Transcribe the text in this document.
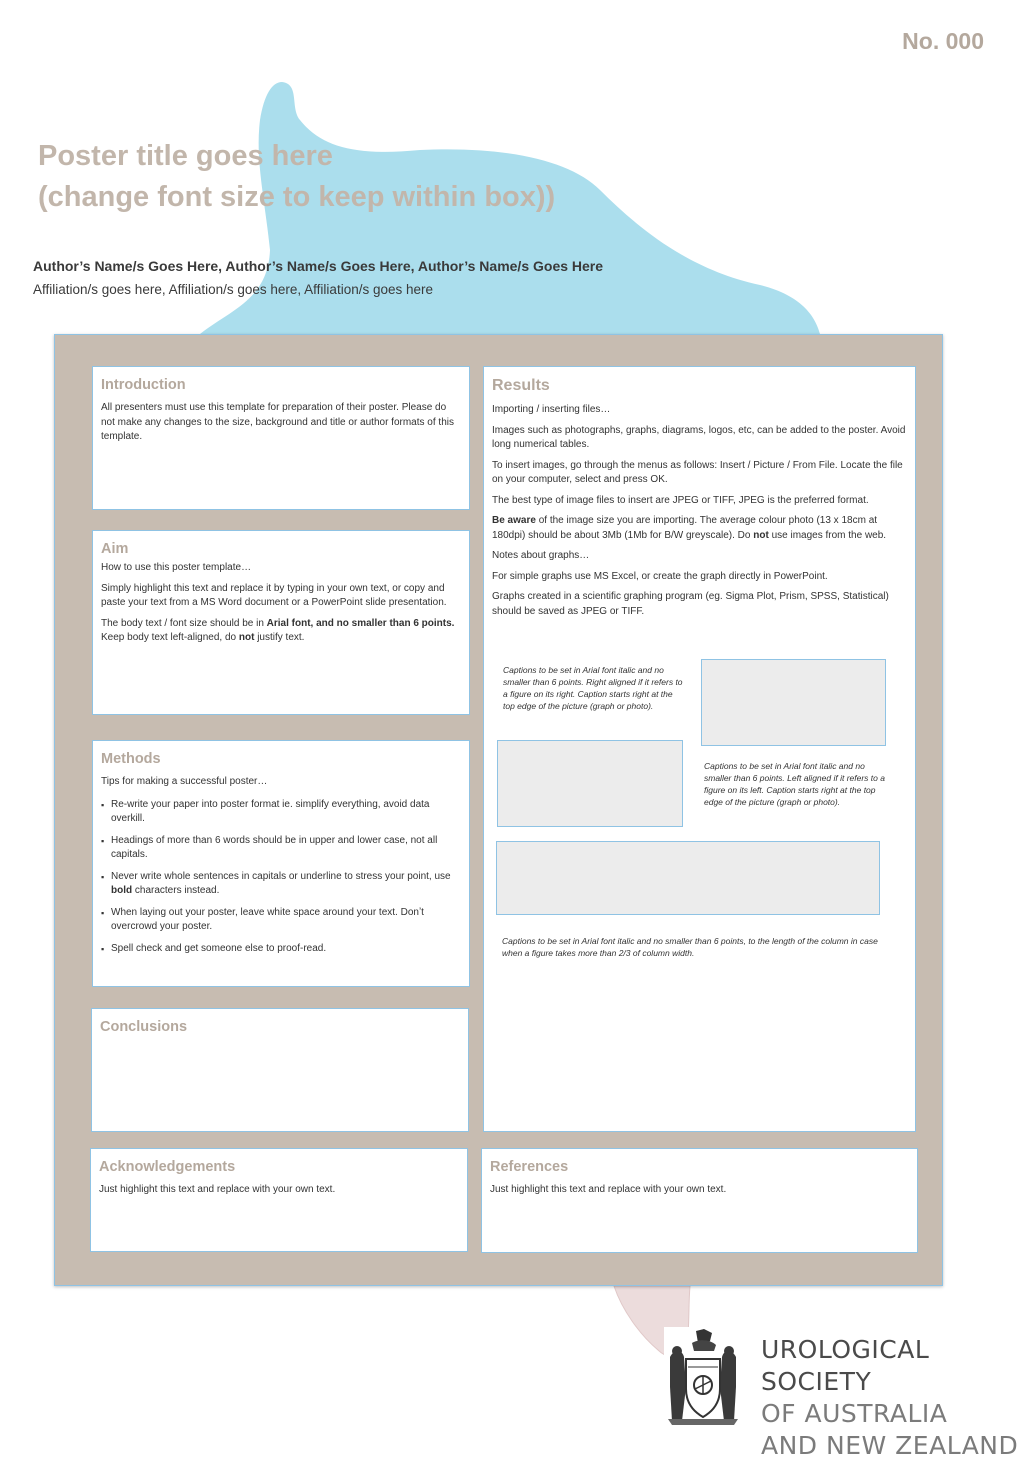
No. 000
Poster title goes here
(change font size to keep within box))
Author’s Name/s Goes Here, Author’s Name/s Goes Here, Author’s Name/s Goes Here
Affiliation/s goes here, Affiliation/s goes here, Affiliation/s goes here
Introduction

All presenters must use this template for preparation of their poster. Please do not make any changes to the size, background and title or author formats of this template.

Aim

How to use this poster template…

Simply highlight this text and replace it by typing in your own text, or copy and paste your text from a MS Word document or a PowerPoint slide presentation.

The body text / font size should be in Arial font, and no smaller than 6 points. Keep body text left-aligned, do not justify text.

Methods

Tips for making a successful poster…

▪ Re-write your paper into poster format ie. simplify everything, avoid data overkill.
▪ Headings of more than 6 words should be in upper and lower case, not all capitals.
▪ Never write whole sentences in capitals or underline to stress your point, use bold characters instead.
▪ When laying out your poster, leave white space around your text. Donʼt overcrowd your poster.
▪ Spell check and get someone else to proof-read.
Conclusions
Results

Importing / inserting files…

Images such as photographs, graphs, diagrams, logos, etc, can be added to the poster. Avoid long numerical tables.

To insert images, go through the menus as follows: Insert / Picture / From File. Locate the file on your computer, select and press OK.

The best type of image files to insert are JPEG or TIFF, JPEG is the preferred format.

Be aware of the image size you are importing. The average colour photo (13 x 18cm at 180dpi) should be about 3Mb (1Mb for B/W greyscale). Do not use images from the web.

Notes about graphs…

For simple graphs use MS Excel, or create the graph directly in PowerPoint.

Graphs created in a scientific graphing program (eg. Sigma Plot, Prism, SPSS, Statistical) should be saved as JPEG or TIFF.

Captions to be set in Arial font italic and no smaller than 6 points. Right aligned if it refers to a figure on its right. Caption starts right at the top edge of the picture (graph or photo).
Captions to be set in Arial font italic and no smaller than 6 points. Left aligned if it refers to a figure on its left. Caption starts right at the top edge of the picture (graph or photo).
Captions to be set in Arial font italic and no smaller than 6 points, to the length of the column in case when a figure takes more than 2/3 of column width.
Acknowledgements

Just highlight this text and replace with your own text.

References

Just highlight this text and replace with your own text.

UROLOGICAL SOCIETY
OF AUSTRALIA
AND NEW ZEALAND
